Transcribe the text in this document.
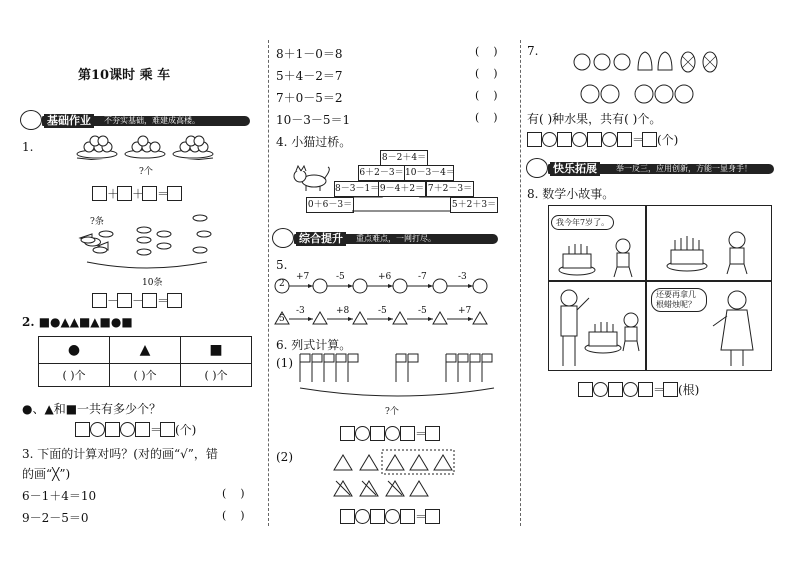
第10课时 乘 车
基础作业	不夯实基础，难建成高楼。
1.
?个
＋ ＋ ＝
?条
10条
－ － ＝
2. ■●▲▲■▲■●■
●	▲	■
( )个	( )个	( )个
●、▲和■一共有多少个？
＝ (个)
3. 下面的计算对吗？(对的画“√”，错
的画“╳”)
6－1＋4＝10	(    )
9－2－5＝0	(    )
8＋1－0＝8	(    )
5＋4－2＝7	(    )
7＋0－5＝2	(    )
10－3－5＝1	(    )
4. 小猫过桥。
8－2＋4＝
6＋2－3＝ 10－3－4＝
8－3－1＝ 9－4＋2＝ 7＋2－3＝
0＋6－3＝	5＋2＋3＝
综合提升	重点难点，一网打尽。
5.
2
+7	-5	+6	-7	-3
5
-3	+8	-5	-5	+7
6. 列式计算。
(1)
?个
＝
(2)
＝
7.
有( )种水果，共有( )个。
＝ (个)
快乐拓展	举一反三，应用创新，方能一显身手！
8. 数学小故事。
我今年7岁了。
还要再拿几根蜡烛呢？
＝ (根)
